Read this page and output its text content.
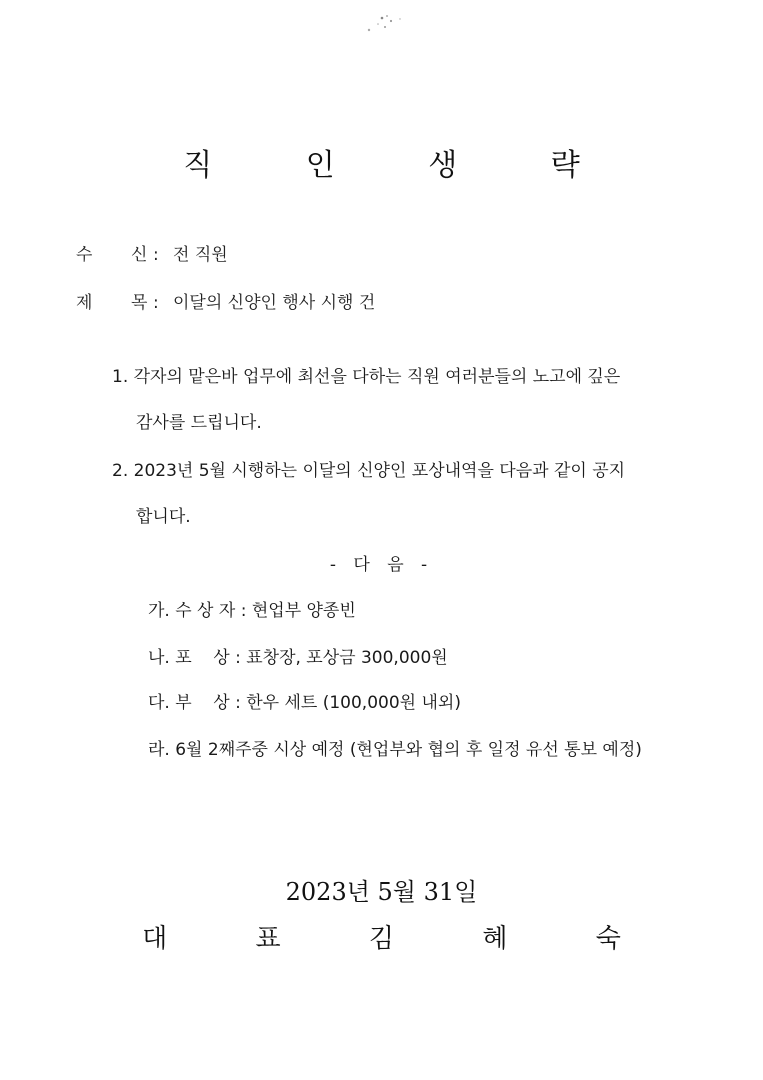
직 인 생 략
수	신 : 전 직원
제	목 : 이달의 신양인 행사 시행 건
1. 각자의 맡은바 업무에 최선을 다하는 직원 여러분들의 노고에 깊은
감사를 드립니다.
2. 2023년 5월 시행하는 이달의 신양인 포상내역을 다음과 같이 공지
합니다.
- 다 음 -
가. 수 상 자 : 현업부 양종빈
나. 포    상 : 표창장, 포상금 300,000원
다. 부    상 : 한우 세트 (100,000원 내외)
라. 6월 2째주중 시상 예정 (현업부와 협의 후 일정 유선 통보 예정)
2023년 5월 31일
대 표 김 혜 숙
